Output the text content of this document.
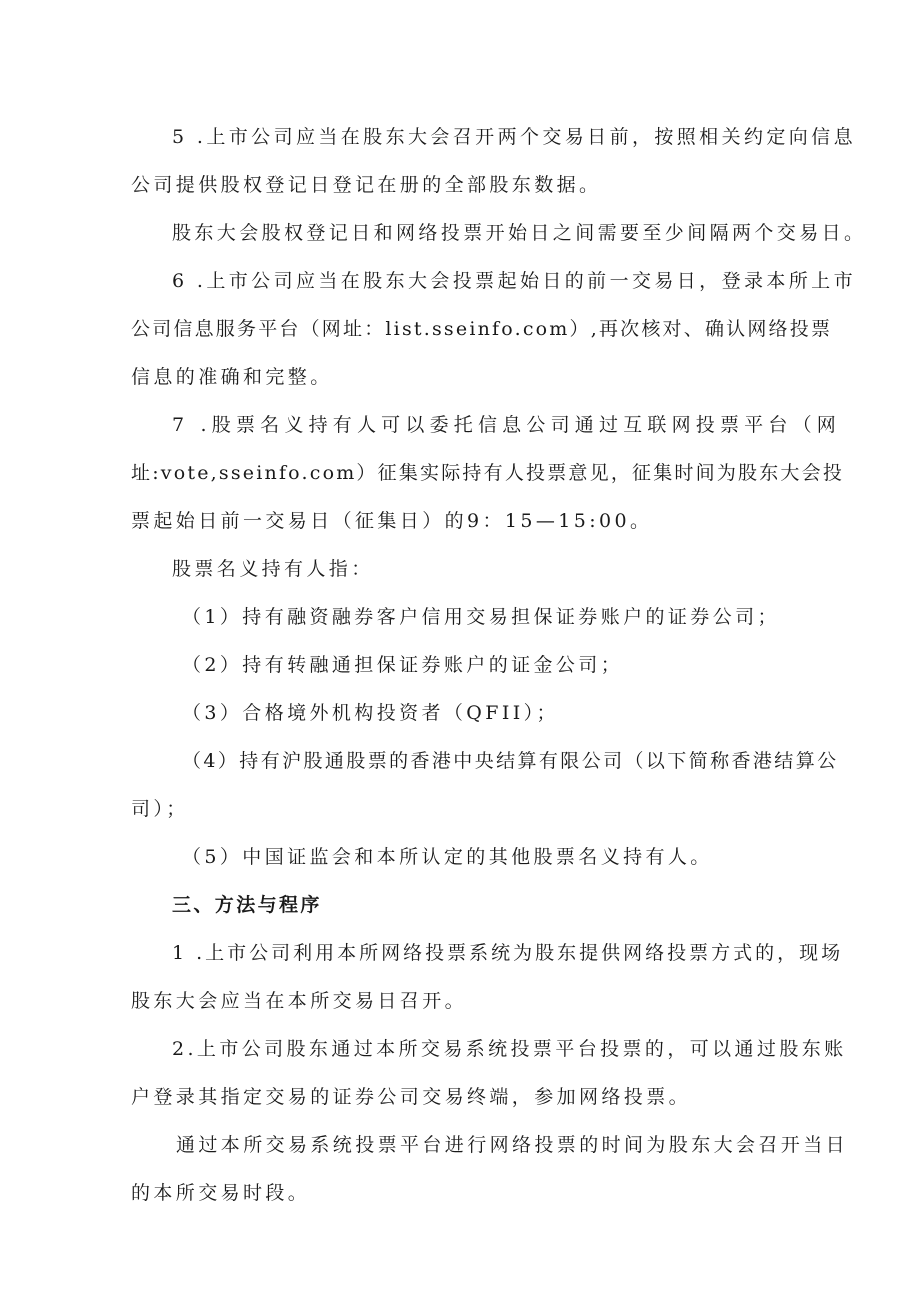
5 .上市公司应当在股东大会召开两个交易日前，按照相关约定向信息
公司提供股权登记日登记在册的全部股东数据。
股东大会股权登记日和网络投票开始日之间需要至少间隔两个交易日。
6 .上市公司应当在股东大会投票起始日的前一交易日，登录本所上市
公司信息服务平台（网址：list.sseinfo.com）,再次核对、确认网络投票
信息的准确和完整。
7 .股票名义持有人可以委托信息公司通过互联网投票平台（网
址:vote,sseinfo.com）征集实际持有人投票意见，征集时间为股东大会投
票起始日前一交易日（征集日）的9：15—15:00。
股票名义持有人指：
（1）持有融资融券客户信用交易担保证券账户的证券公司；
（2）持有转融通担保证券账户的证金公司；
（3）合格境外机构投资者（QFII）；
（4）持有沪股通股票的香港中央结算有限公司（以下简称香港结算公
司）；
（5）中国证监会和本所认定的其他股票名义持有人。
三、方法与程序
1 .上市公司利用本所网络投票系统为股东提供网络投票方式的，现场
股东大会应当在本所交易日召开。
2.上市公司股东通过本所交易系统投票平台投票的，可以通过股东账
户登录其指定交易的证券公司交易终端，参加网络投票。
通过本所交易系统投票平台进行网络投票的时间为股东大会召开当日
的本所交易时段。
